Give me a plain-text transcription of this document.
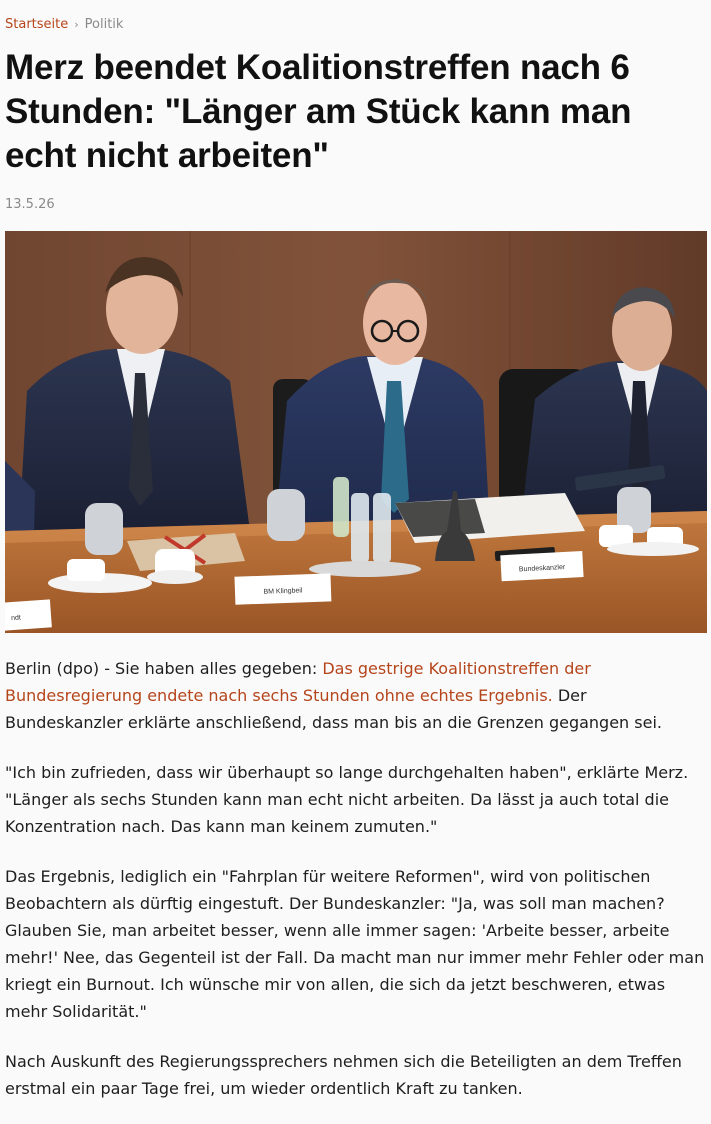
Startseite › Politik
Merz beendet Koalitionstreffen nach 6 Stunden: "Länger am Stück kann man echt nicht arbeiten"
13.5.26
BM Klingbeil
Bundeskanzler
ndt

Berlin (dpo) - Sie haben alles gegeben: Das gestrige Koalitionstreffen der Bundesregierung endete nach sechs Stunden ohne echtes Ergebnis. Der Bundeskanzler erklärte anschließend, dass man bis an die Grenzen gegangen sei.

"Ich bin zufrieden, dass wir überhaupt so lange durchgehalten haben", erklärte Merz. "Länger als sechs Stunden kann man echt nicht arbeiten. Da lässt ja auch total die Konzentration nach. Das kann man keinem zumuten."

Das Ergebnis, lediglich ein "Fahrplan für weitere Reformen", wird von politischen Beobachtern als dürftig eingestuft. Der Bundeskanzler: "Ja, was soll man machen? Glauben Sie, man arbeitet besser, wenn alle immer sagen: 'Arbeite besser, arbeite mehr!' Nee, das Gegenteil ist der Fall. Da macht man nur immer mehr Fehler oder man kriegt ein Burnout. Ich wünsche mir von allen, die sich da jetzt beschweren, etwas mehr Solidarität."

Nach Auskunft des Regierungssprechers nehmen sich die Beteiligten an dem Treffen erstmal ein paar Tage frei, um wieder ordentlich Kraft zu tanken.
